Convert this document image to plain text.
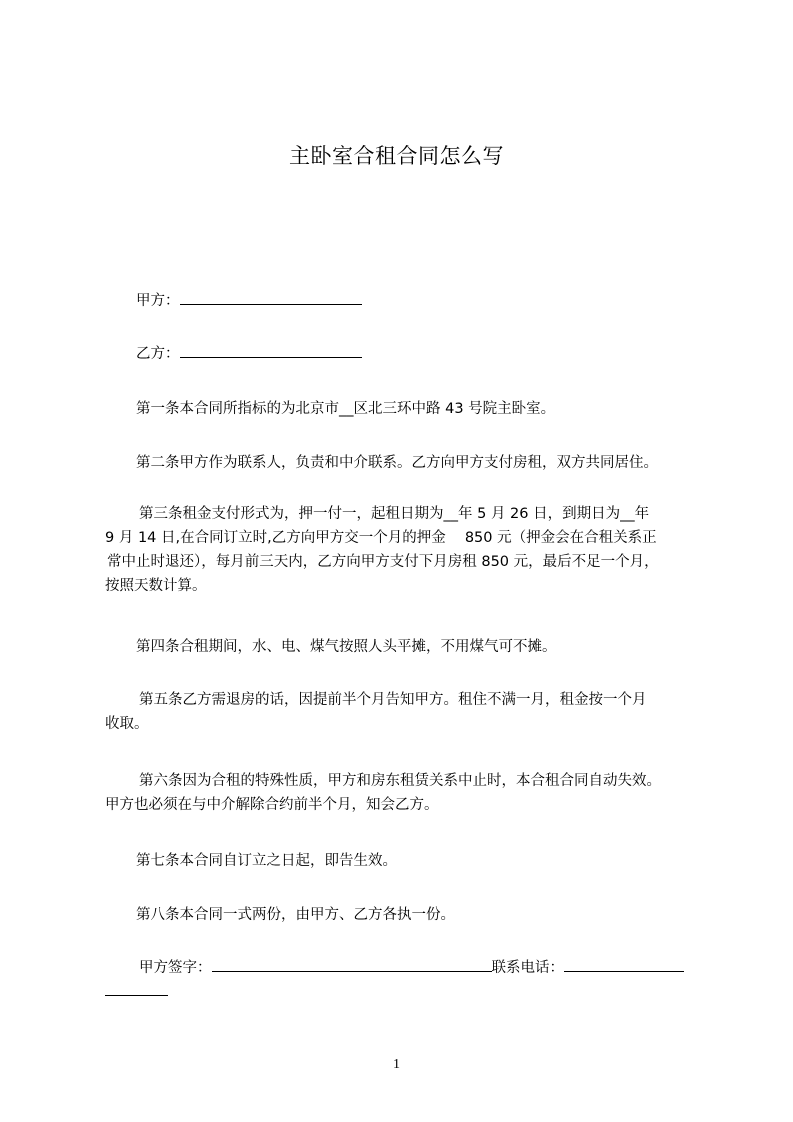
主卧室合租合同怎么写
甲方：
乙方：
第一条本合同所指标的为北京市__区北三环中路 43 号院主卧室。
第二条甲方作为联系人，负责和中介联系。乙方向甲方支付房租，双方共同居住。
第三条租金支付形式为，押一付一，起租日期为__年 5 月 26 日，到期日为__年
9 月 14 日,在合同订立时,乙方向甲方交一个月的押金　 850 元（押金会在合租关系正
常中止时退还），每月前三天内，乙方向甲方支付下月房租 850 元，最后不足一个月，
按照天数计算。
第四条合租期间，水、电、煤气按照人头平摊，不用煤气可不摊。
第五条乙方需退房的话，因提前半个月告知甲方。租住不满一月，租金按一个月
收取。
第六条因为合租的特殊性质，甲方和房东租赁关系中止时，本合租合同自动失效。
甲方也必须在与中介解除合约前半个月，知会乙方。
第七条本合同自订立之日起，即告生效。
第八条本合同一式两份，由甲方、乙方各执一份。
甲方签字：	联系电话：
1
